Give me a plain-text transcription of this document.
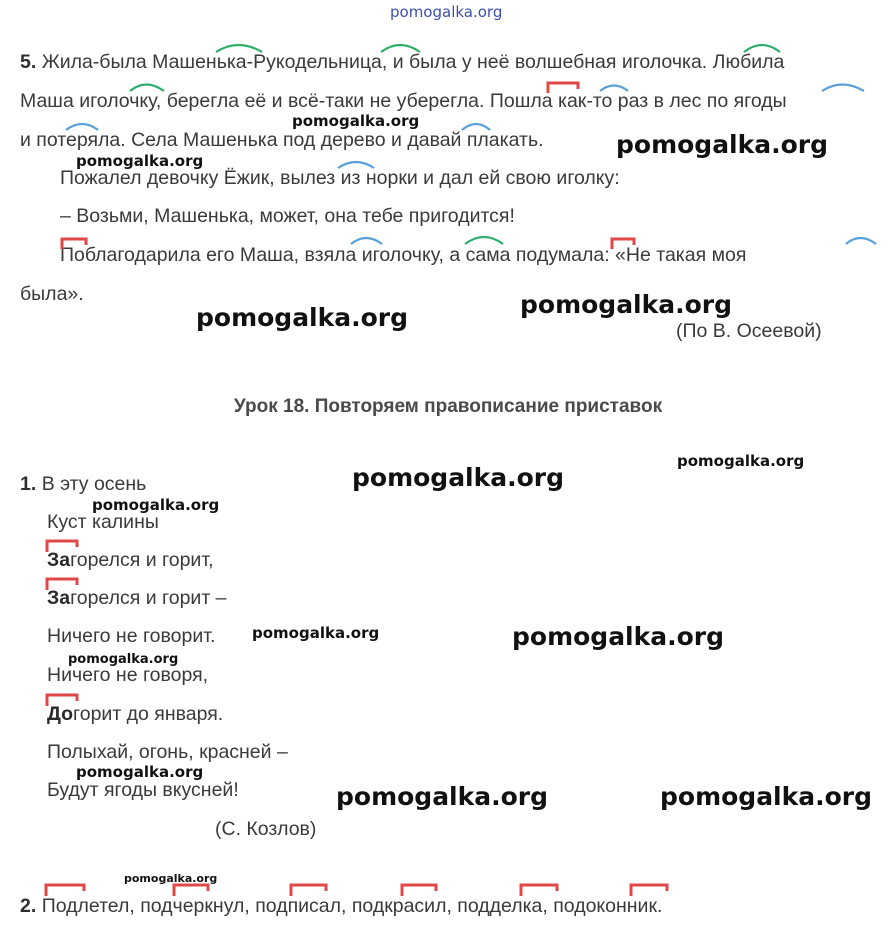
pomogalka.org
5. Жила-была Машенька-Рукодельница, и была у неё волшебная иголочка. Любила
Маша иголочку, берегла её и всё-таки не уберегла. Пошла как-то раз в лес по ягоды
и потеряла. Села Машенька под дерево и давай плакать.
Пожалел девочку Ёжик, вылез из норки и дал ей свою иголку:
– Возьми, Машенька, может, она тебе пригодится!
Поблагодарила его Маша, взяла иголочку, а сама подумала: «Не такая моя
была».
(По В. Осеевой)
Урок 18. Повторяем правописание приставок
1. В эту осень
Куст калины
Загорелся и горит,
Загорелся и горит –
Ничего не говорит.
Ничего не говоря,
Догорит до января.
Полыхай, огонь, красней –
Будут ягоды вкусней!
(С. Козлов)
2. Подлетел, подчеркнул, подписал, подкрасил, подделка, подоконник.
pomogalka.org
pomogalka.org
pomogalka.org
pomogalka.org
pomogalka.org
pomogalka.org
pomogalka.org
pomogalka.org
pomogalka.org	pomogalka.org
pomogalka.org
pomogalka.org
pomogalka.org	pomogalka.org
pomogalka.org
